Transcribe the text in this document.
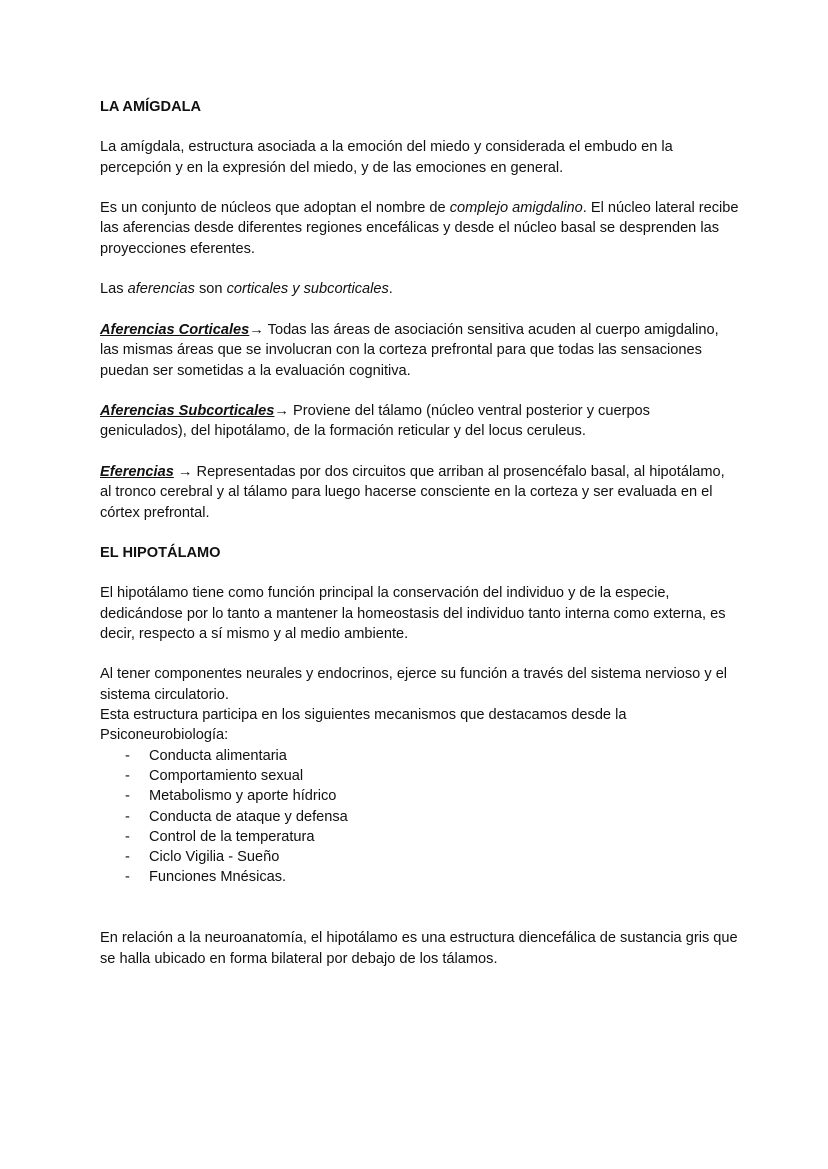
LA AMÍGDALA

La amígdala, estructura asociada a la emoción del miedo y considerada el embudo en la percepción y en la expresión del miedo, y de las emociones en general.

Es un conjunto de núcleos que adoptan el nombre de complejo amigdalino. El núcleo lateral recibe las aferencias desde diferentes regiones encefálicas y desde el núcleo basal se desprenden las proyecciones eferentes.

Las aferencias son corticales y subcorticales.

Aferencias Corticales→ Todas las áreas de asociación sensitiva acuden al cuerpo amigdalino, las mismas áreas que se involucran con la corteza prefrontal para que todas las sensaciones puedan ser sometidas a la evaluación cognitiva.

Aferencias Subcorticales→ Proviene del tálamo (núcleo ventral posterior y cuerpos geniculados), del hipotálamo, de la formación reticular y del locus ceruleus.

Eferencias → Representadas por dos circuitos que arriban al prosencéfalo basal, al hipotálamo, al tronco cerebral y al tálamo para luego hacerse consciente en la corteza y ser evaluada en el córtex prefrontal.

EL HIPOTÁLAMO

El hipotálamo tiene como función principal la conservación del individuo y de la especie, dedicándose por lo tanto a mantener la homeostasis del individuo tanto interna como externa, es decir, respecto a sí mismo y al medio ambiente.

Al tener componentes neurales y endocrinos, ejerce su función a través del sistema nervioso y el sistema circulatorio.

Esta estructura participa en los siguientes mecanismos que destacamos desde la Psiconeurobiología:

- Conducta alimentaria
- Comportamiento sexual
- Metabolismo y aporte hídrico
- Conducta de ataque y defensa
- Control de la temperatura
- Ciclo Vigilia - Sueño
- Funciones Mnésicas.

En relación a la neuroanatomía, el hipotálamo es una estructura diencefálica de sustancia gris que se halla ubicado en forma bilateral por debajo de los tálamos.
